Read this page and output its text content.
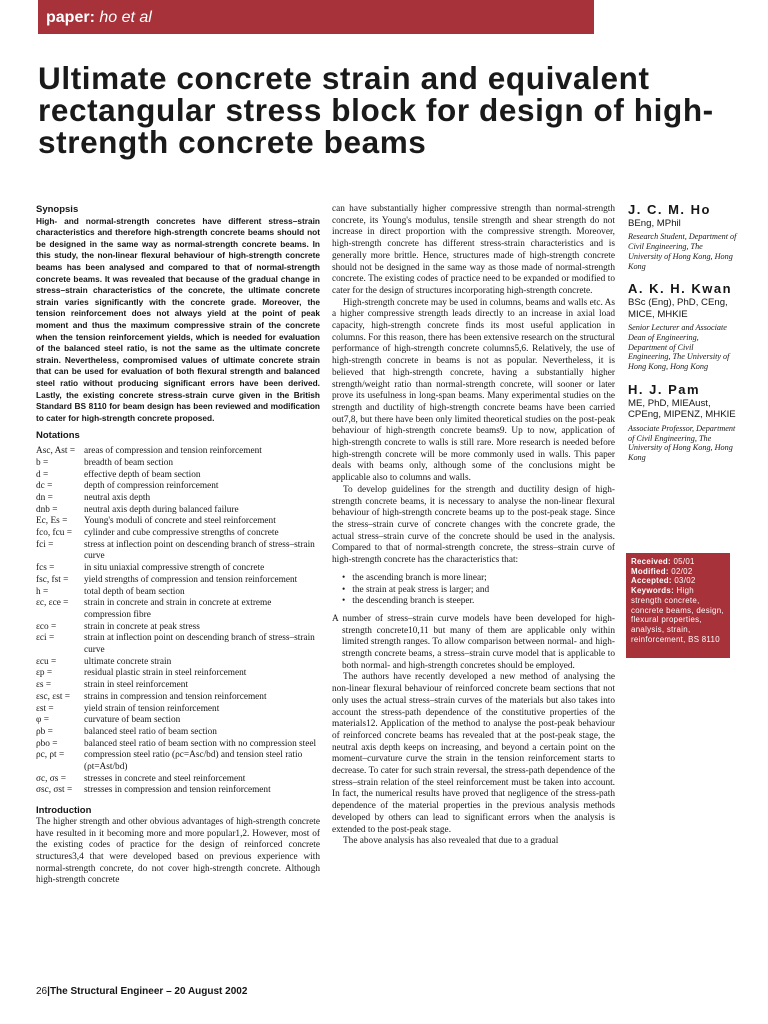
paper: ho et al
Ultimate concrete strain and equivalent rectangular stress block for design of high-strength concrete beams

Synopsis

High- and normal-strength concretes have different stress–strain characteristics and therefore high-strength concrete beams should not be designed in the same way as normal-strength concrete beams. In this study, the non-linear flexural behaviour of high-strength concrete beams has been analysed and compared to that of normal-strength concrete beams. It was revealed that because of the gradual change in stress–strain characteristics of the concrete, the ultimate concrete strain varies significantly with the concrete grade. Moreover, the tension reinforcement does not always yield at the point of peak moment and thus the maximum compressive strain of the concrete when the tension reinforcement yields, which is needed for evaluation of the balanced steel ratio, is not the same as the ultimate concrete strain. Nevertheless, compromised values of ultimate concrete strain that can be used for evaluation of both flexural strength and balanced steel ratio without producing significant errors have been derived. Lastly, the existing concrete stress-strain curve given in the British Standard BS 8110 for beam design has been reviewed and modification to cater for high-strength concrete proposed.

Notations

Asc, Ast = areas of compression and tension reinforcement
b =	breadth of beam section
d =	effective depth of beam section
dc =	depth of compression reinforcement
dn =	neutral axis depth
dnb =	neutral axis depth during balanced failure
Ec, Es =	Young's moduli of concrete and steel reinforcement
fco, fcu =	cylinder and cube compressive strengths of concrete
fci =	stress at inflection point on descending branch of stress–strain curve
fcs =	in situ uniaxial compressive strength of concrete
fsc, fst =	yield strengths of compression and tension reinforcement
h =	total depth of beam section
εc, εce =	strain in concrete and strain in concrete at extreme compression fibre
εco =	strain in concrete at peak stress
εci =	strain at inflection point on descending branch of stress–strain curve
εcu =	ultimate concrete strain
εp =	residual plastic strain in steel reinforcement
εs =	strain in steel reinforcement
εsc, εst =	strains in compression and tension reinforcement
εst =	yield strain of tension reinforcement
φ =	curvature of beam section
ρb =	balanced steel ratio of beam section
ρbo =	balanced steel ratio of beam section with no compression steel
ρc, ρt =	compression steel ratio (ρc=Asc/bd) and tension steel ratio (ρt=Ast/bd)
σc, σs =	stresses in concrete and steel reinforcement
σsc, σst =	stresses in compression and tension reinforcement

Introduction

The higher strength and other obvious advantages of high-strength concrete have resulted in it becoming more and more popular1,2. However, most of the existing codes of practice for the design of reinforced concrete structures3,4 that were developed based on previous experience with normal-strength concrete, do not cover high-strength concrete. Although high-strength concrete

can have substantially higher compressive strength than normal-strength concrete, its Young's modulus, tensile strength and shear strength do not increase in direct proportion with the compressive strength. Moreover, high-strength concrete has different stress-strain characteristics and is generally more brittle. Hence, structures made of high-strength concrete should not be designed in the same way as those made of normal-strength concrete. The existing codes of practice need to be expanded or modified to cater for the design of structures incorporating high-strength concrete.

High-strength concrete may be used in columns, beams and walls etc. As a higher compressive strength leads directly to an increase in axial load capacity, high-strength concrete finds its most useful application in columns. For this reason, there has been extensive research on the structural performance of high-strength concrete columns5,6. Relatively, the use of high-strength concrete in beams is not as popular. Nevertheless, it is believed that high-strength concrete, having a substantially higher strength/weight ratio than normal-strength concrete, will sooner or later prove its usefulness in long-span beams. Many experimental studies on the strength and ductility of high-strength concrete beams have been carried out7,8, but there have been only limited theoretical studies on the post-peak behaviour of high-strength concrete beams9. Up to now, application of high-strength concrete to walls is still rare. More research is needed before high-strength concrete will be more commonly used in walls. This paper deals with beams only, although some of the conclusions might be applicable also to columns and walls.

To develop guidelines for the strength and ductility design of high-strength concrete beams, it is necessary to analyse the non-linear flexural behaviour of high-strength concrete beams up to the post-peak stage. Since the stress–strain curve of concrete changes with the concrete grade, the actual stress–strain curve of the concrete should be used in the analysis. Compared to that of normal-strength concrete, the stress–strain curve of high-strength concrete has the characteristics that:

• the ascending branch is more linear;
• the strain at peak stress is larger; and
• the descending branch is steeper.

A number of stress–strain curve models have been developed for high-strength concrete10,11 but many of them are applicable only within limited strength ranges. To allow comparison between normal- and high-strength concrete beams, a stress–strain curve model that is applicable to both normal- and high-strength concretes should be employed.

The authors have recently developed a new method of analysing the non-linear flexural behaviour of reinforced concrete beam sections that not only uses the actual stress–strain curves of the materials but also takes into account the stress-path dependence of the constitutive properties of the materials12. Application of the method to analyse the post-peak behaviour of reinforced concrete beams has revealed that at the post-peak stage, the neutral axis depth keeps on increasing, and beyond a certain point on the moment–curvature curve the strain in the tension reinforcement starts to decrease. To cater for such strain reversal, the stress-path dependence of the stress–strain relation of the steel reinforcement must be taken into account. In fact, the numerical results have proved that negligence of the stress-path dependence of the material properties in the previous analysis methods developed by others can lead to significant errors when the analysis is extended to the post-peak stage.

The above analysis has also revealed that due to a gradual

J. C. M. Ho

BEng, MPhil

Research Student, Department of Civil Engineering, The University of Hong Kong, Hong Kong

A. K. H. Kwan

BSc (Eng), PhD, CEng, MICE, MHKIE

Senior Lecturer and Associate Dean of Engineering, Department of Civil Engineering, The University of Hong Kong, Hong Kong

H. J. Pam

ME, PhD, MIEAust, CPEng, MIPENZ, MHKIE

Associate Professor, Department of Civil Engineering, The University of Hong Kong, Hong Kong

Received: 05/01
Modified: 02/02
Accepted: 03/02
Keywords: High strength concrete, concrete beams, design, flexural properties, analysis, strain, reinforcement, BS 8110
26|The Structural Engineer – 20 August 2002
